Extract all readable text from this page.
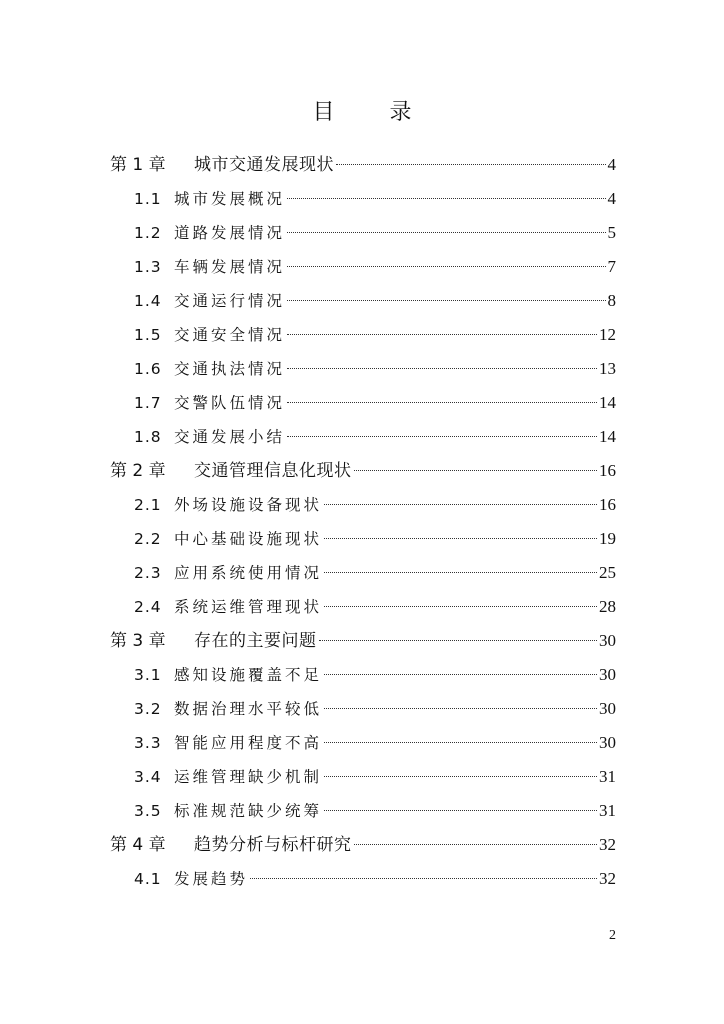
目 录
第 1 章	城市交通发展现状	4
1.1 城市发展概况	4
1.2 道路发展情况	5
1.3 车辆发展情况	7
1.4 交通运行情况	8
1.5 交通安全情况	12
1.6 交通执法情况	13
1.7 交警队伍情况	14
1.8 交通发展小结	14
第 2 章	交通管理信息化现状	16
2.1 外场设施设备现状	16
2.2 中心基础设施现状	19
2.3 应用系统使用情况	25
2.4 系统运维管理现状	28
第 3 章	存在的主要问题	30
3.1 感知设施覆盖不足	30
3.2 数据治理水平较低	30
3.3 智能应用程度不高	30
3.4 运维管理缺少机制	31
3.5 标准规范缺少统筹	31
第 4 章	趋势分析与标杆研究	32
4.1 发展趋势	32
2
